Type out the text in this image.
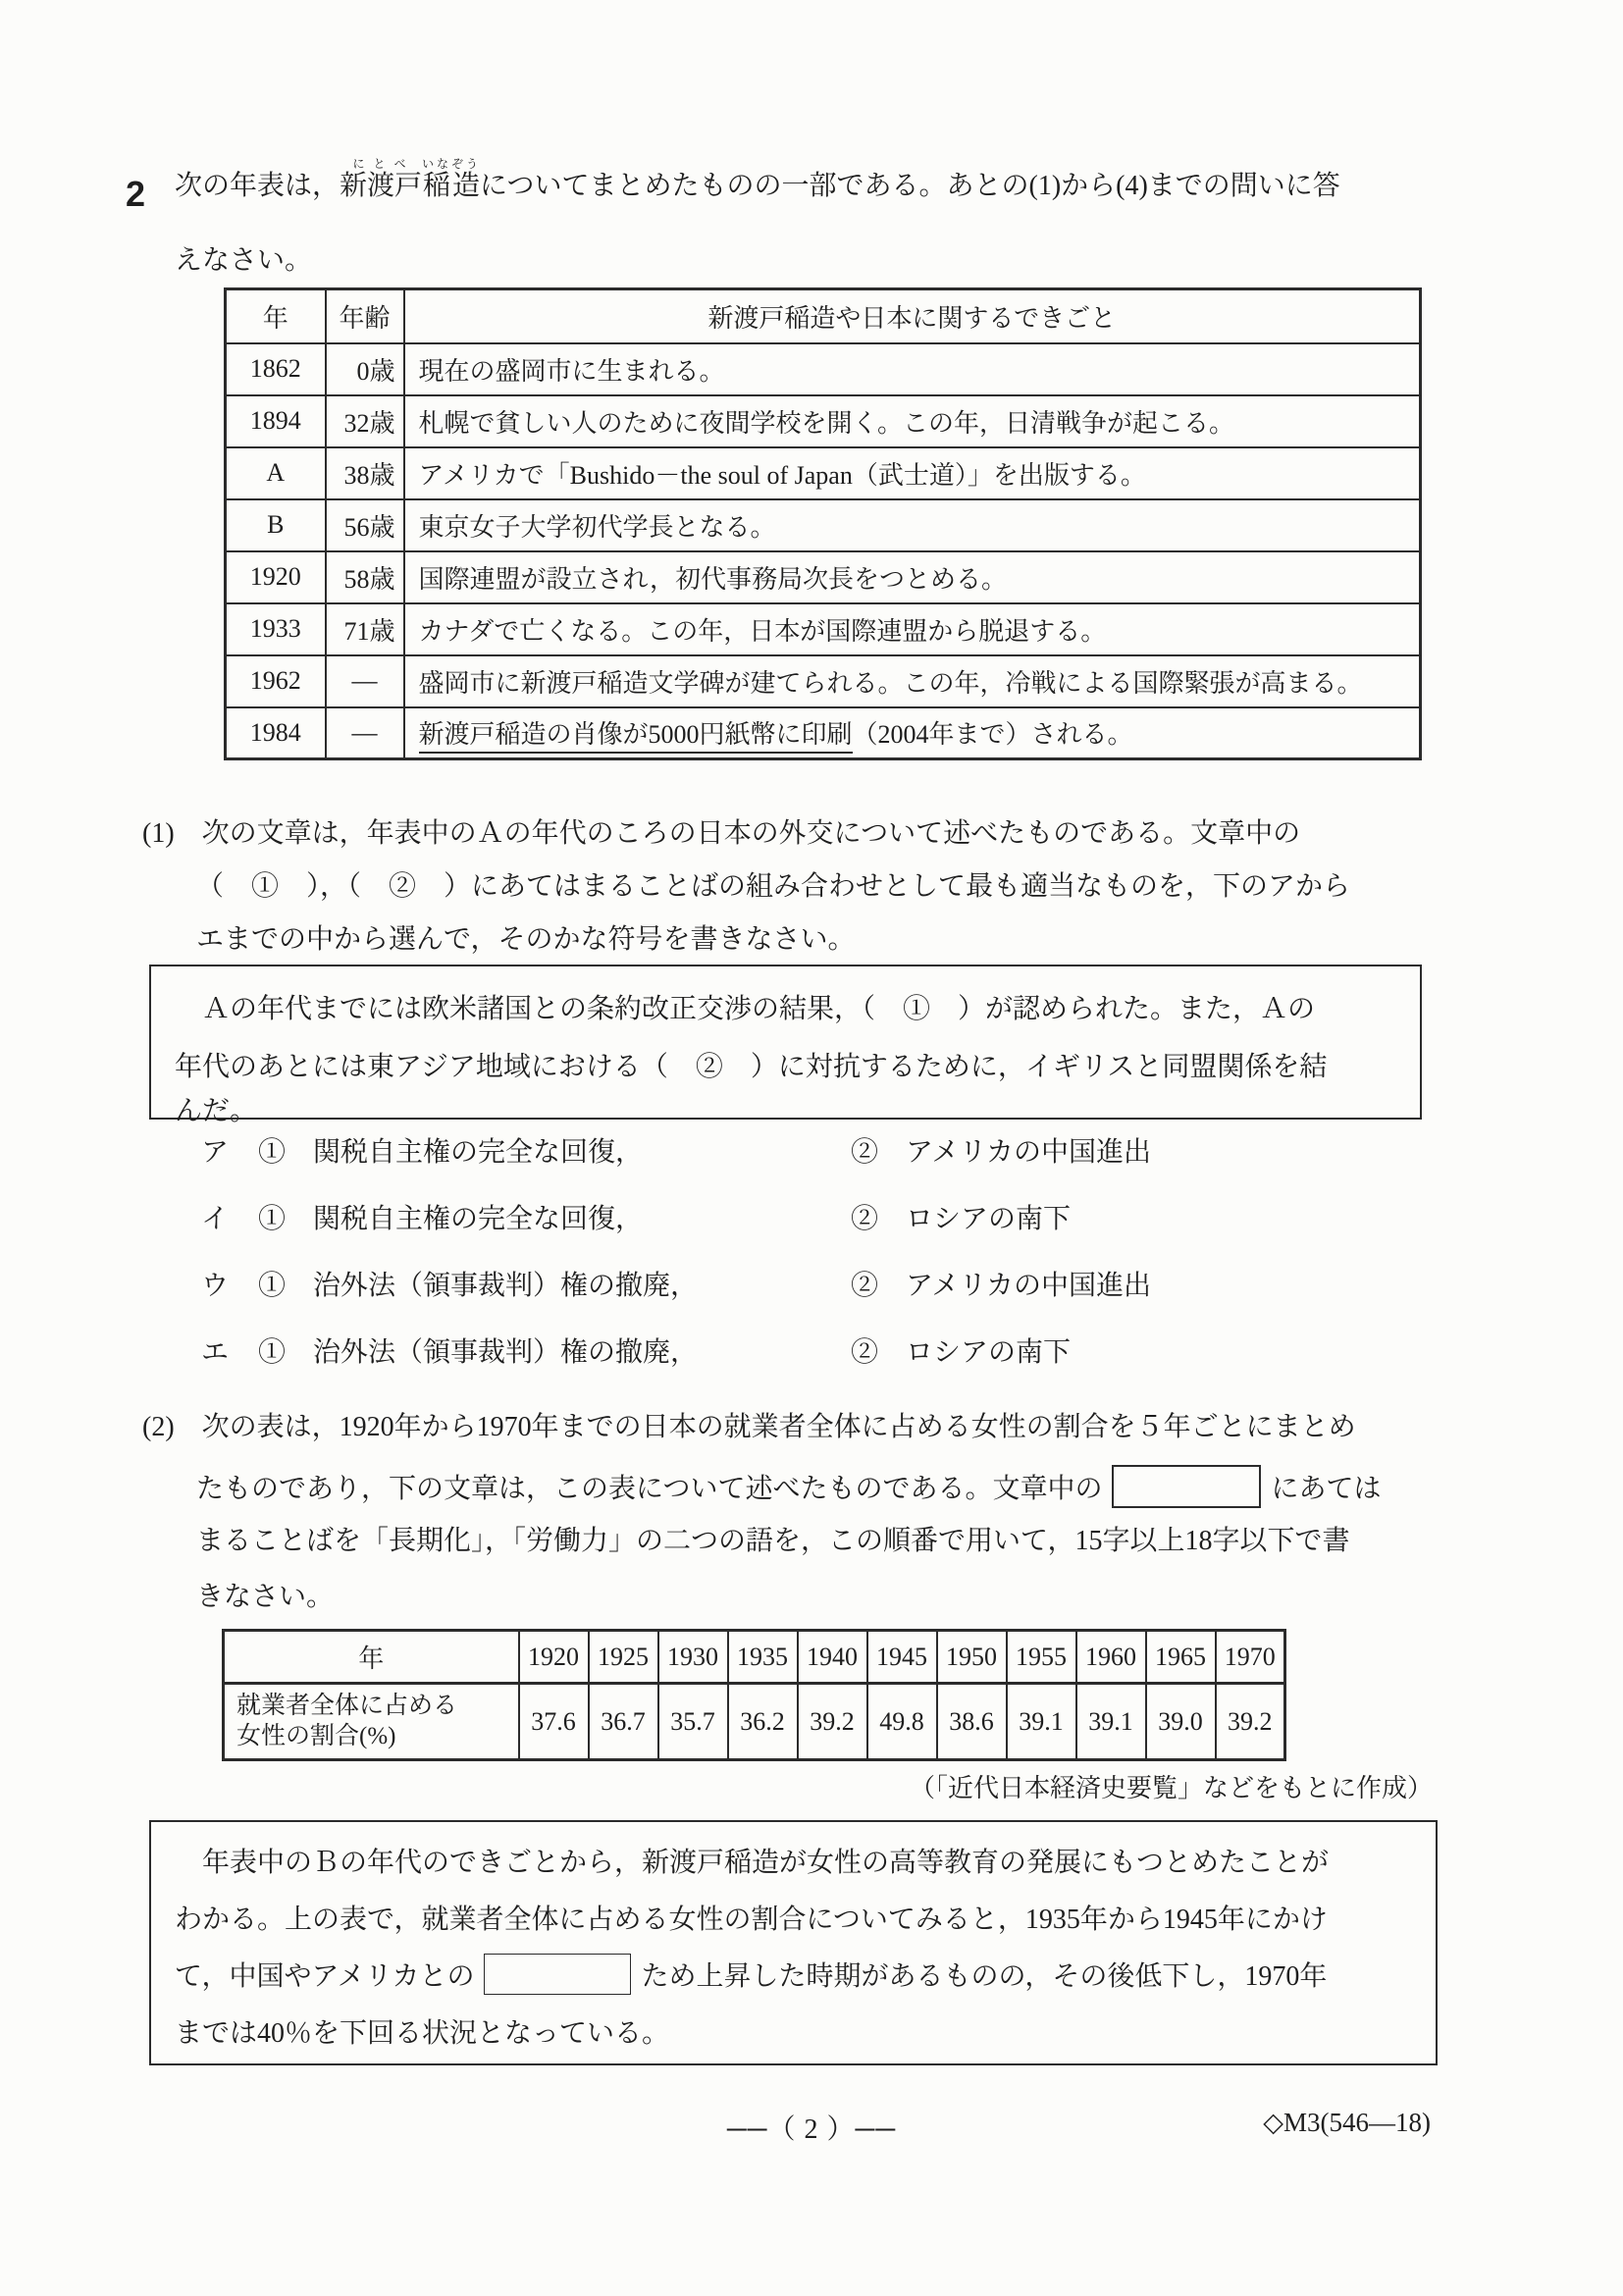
2 次の年表は，新渡戸に と べ稲造いなぞうについてまとめたものの一部である。あとの(1)から(4)までの問いに答
えなさい。
年	年齢	新渡戸稲造や日本に関するできごと
1862	0歳	現在の盛岡市に生まれる。
1894	32歳	札幌で貧しい人のために夜間学校を開く。この年，日清戦争が起こる。
A	38歳	アメリカで「Bushido－the soul of Japan（武士道）」を出版する。
B	56歳	東京女子大学初代学長となる。
1920	58歳	国際連盟が設立され，初代事務局次長をつとめる。
1933	71歳	カナダで亡くなる。この年，日本が国際連盟から脱退する。
1962	—	盛岡市に新渡戸稲造文学碑が建てられる。この年，冷戦による国際緊張が高まる。
1984	—	新渡戸稲造の肖像が5000円紙幣に印刷（2004年まで）される。
(1)　 次の文章は，年表中のＡの年代のころの日本の外交について述べたものである。文章中の
（　①　），（　②　）にあてはまることばの組み合わせとして最も適当なものを，下のアから
エまでの中から選んで，そのかな符号を書きなさい。
　Ａの年代までには欧米諸国との条約改正交渉の結果，（　①　）が認められた。また，Ａの
年代のあとには東アジア地域における（　②　）に対抗するために，イギリスと同盟関係を結
んだ。
ア ①　関税自主権の完全な回復，	②　アメリカの中国進出
イ ①　関税自主権の完全な回復，	②　ロシアの南下
ウ ①　治外法（領事裁判）権の撤廃，	②　アメリカの中国進出
エ ①　治外法（領事裁判）権の撤廃，	②　ロシアの南下
(2)　 次の表は，1920年から1970年までの日本の就業者全体に占める女性の割合を５年ごとにまとめ
たものであり，下の文章は，この表について述べたものである。文章中の	にあては
まることばを「長期化」，「労働力」の二つの語を，この順番で用いて，15字以上18字以下で書
きなさい。
年	1920	1925	1930	1935	1940	1945	1950	1955	1960	1965	1970

就業者全体に占める
女性の割合(%)	37.6	36.7	35.7	36.2	39.2	49.8	38.6	39.1	39.1	39.0	39.2
（「近代日本経済史要覧」などをもとに作成）
　年表中のＢの年代のできごとから，新渡戸稲造が女性の高等教育の発展にもつとめたことが
わかる。上の表で，就業者全体に占める女性の割合についてみると，1935年から1945年にかけ
て，中国やアメリカとの	ため上昇した時期があるものの，その後低下し，1970年
までは40％を下回る状況となっている。
──（ 2 ）──	◇M3(546—18)
